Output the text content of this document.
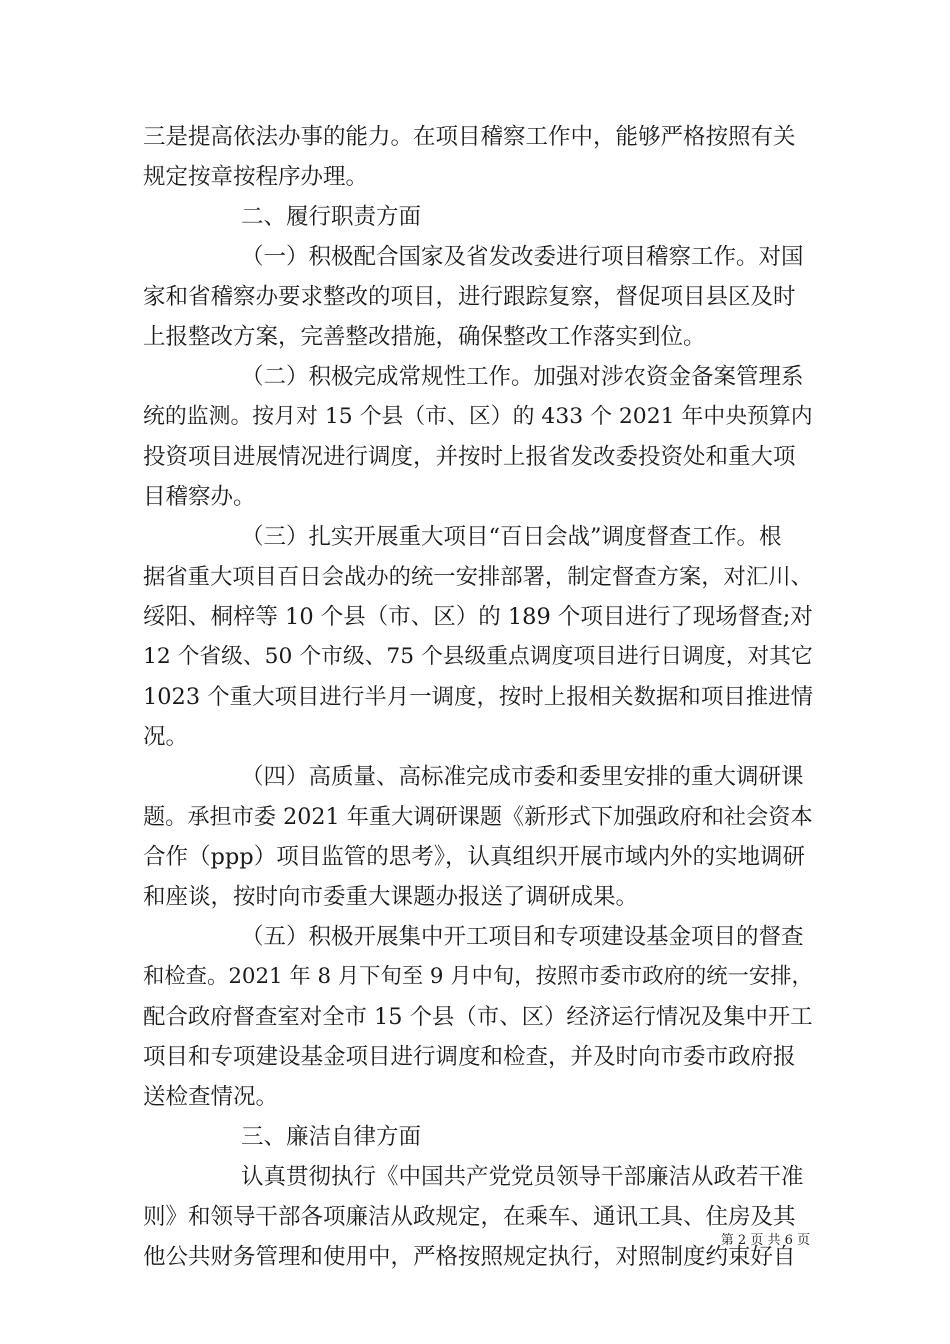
三是提高依法办事的能力。在项目稽察工作中，能够严格按照有关
规定按章按程序办理。
二、履行职责方面
（一）积极配合国家及省发改委进行项目稽察工作。对国
家和省稽察办要求整改的项目，进行跟踪复察，督促项目县区及时
上报整改方案，完善整改措施，确保整改工作落实到位。
（二）积极完成常规性工作。加强对涉农资金备案管理系
统的监测。按月对 15 个县（市、区）的 433 个 2021 年中央预算内
投资项目进展情况进行调度，并按时上报省发改委投资处和重大项
目稽察办。
（三）扎实开展重大项目“百日会战”调度督查工作。根
据省重大项目百日会战办的统一安排部署，制定督查方案，对汇川、
绥阳、桐梓等 10 个县（市、区）的 189 个项目进行了现场督查;对
12 个省级、50 个市级、75 个县级重点调度项目进行日调度，对其它
1023 个重大项目进行半月一调度，按时上报相关数据和项目推进情
况。
（四）高质量、高标准完成市委和委里安排的重大调研课
题。承担市委 2021 年重大调研课题《新形式下加强政府和社会资本
合作（ppp）项目监管的思考》，认真组织开展市域内外的实地调研
和座谈，按时向市委重大课题办报送了调研成果。
（五）积极开展集中开工项目和专项建设基金项目的督查
和检查。2021 年 8 月下旬至 9 月中旬，按照市委市政府的统一安排，
配合政府督查室对全市 15 个县（市、区）经济运行情况及集中开工
项目和专项建设基金项目进行调度和检查，并及时向市委市政府报
送检查情况。
三、廉洁自律方面
认真贯彻执行《中国共产党党员领导干部廉洁从政若干准
则》和领导干部各项廉洁从政规定，在乘车、通讯工具、住房及其
他公共财务管理和使用中，严格按照规定执行，对照制度约束好自
第 2 页 共 6 页
